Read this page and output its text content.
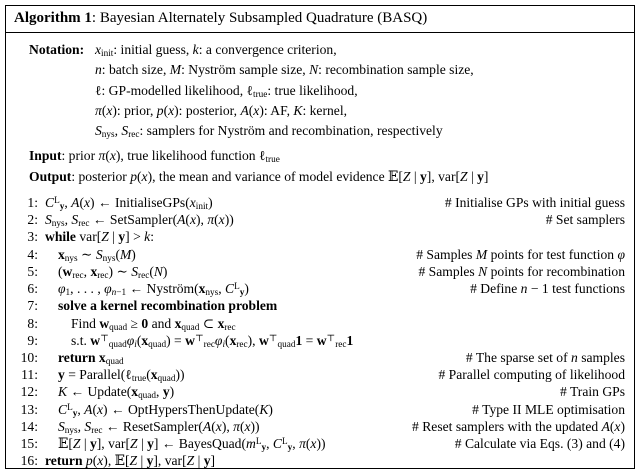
Algorithm 1: Bayesian Alternately Subsampled Quadrature (BASQ)
Notation: $x_{init}$: initial guess, k: a convergence criterion,
n: batch size, M: Nyström sample size, N: recombination sample size,
ℓ: GP-modelled likelihood, ℓ$_{true}$: true likelihood,
π(x): prior, p(x): posterior, A(x): AF, K: kernel,
$S_{nys}$, $S_{rec}$: samplers for Nyström and recombination, respectively
Input: prior π(x), true likelihood function ℓ$_{true}$
Output: posterior p(x), the mean and variance of model evidence 𝔼[Z | y], var[Z | y]
1: $C^L_y$, A(x) ← $InitialiseGPs(x_{init})$	# Initialise GPs with initial guess
2: $S_{nys}$, $S_{rec}$ ← SetSampler(A(x), π(x))	# Set samplers
3: while var[Z | y] > k:
4:	$x_{nys}$ ∼ $S_{nys}(M)$	# Samples M points for test function φ
5:	($w_{rec}$, $x_{rec}$) ∼ $S_{rec}(N)$	# Samples N points for recombination
6:	$\varphi_1$, . . . , $\varphi_{n-1}$ ← $Nyström(x_{nys}$, $C^L_y$)	# Define n − 1 test functions
7:	solve a kernel recombination problem
8:	Find $w_{quad} \ge 0$ and $x_{quad}$ ⊂ $x_{rec}$
9:	s.t. $w^⊤_{quad}\varphi_i(x_{quad}) = w^⊤_{rec}\varphi_i(x_{rec})$, $w^⊤_{quad}1 = w^⊤_{rec}1$
10:	return $x_{quad}$	# The sparse set of n samples
11:	$y = Parallel(\ell_{true}(x_{quad}))$	# Parallel computing of likelihood
12:	K ← $Update(x_{quad}$, y)	# Train GPs
13:	$C^L_y$, A(x) ← OptHypersThenUpdate(K)	# Type II MLE optimisation
14:	$S_{nys}$, $S_{rec}$ ← ResetSampler(A(x), π(x))	# Reset samplers with the updated A(x)
15:	𝔼[Z | y], var[Z | y] ← $BayesQuad(m^L_y$, $C^L_y$, π(x))	# Calculate via Eqs. (3) and (4)
16: return p(x), 𝔼[Z | y], var[Z | y]
